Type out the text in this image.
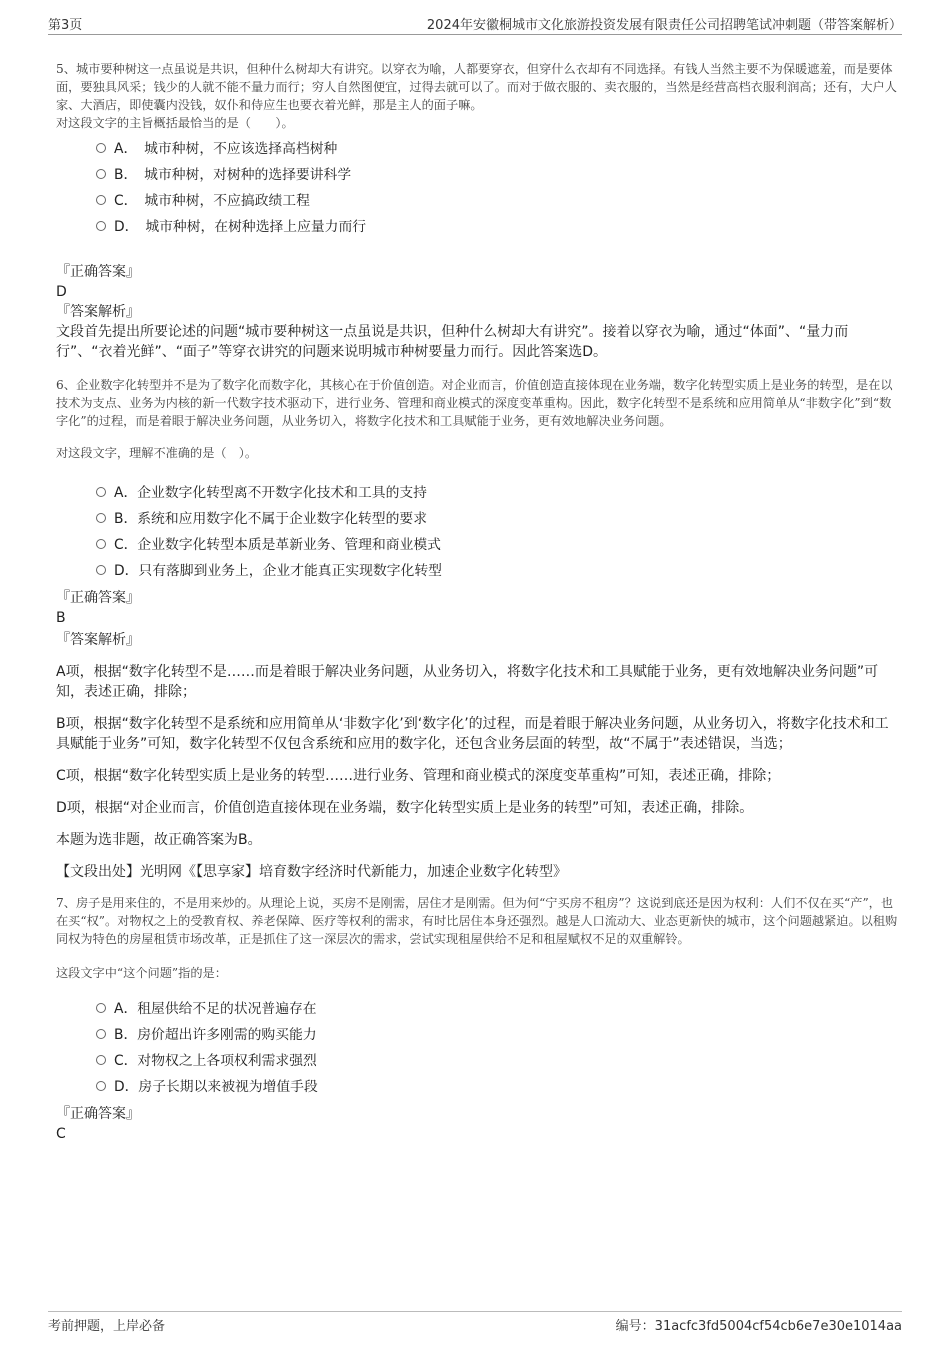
第3页	2024年安徽桐城市文化旅游投资发展有限责任公司招聘笔试冲刺题（带答案解析）

5、城市要种树这一点虽说是共识，但种什么树却大有讲究。以穿衣为喻，人都要穿衣，但穿什么衣却有不同选择。有钱人当然主要不为保暖遮羞，而是要体面，要独具风采；钱少的人就不能不量力而行；穷人自然图便宜，过得去就可以了。而对于做衣服的、卖衣服的，当然是经营高档衣服利润高；还有，大户人家、大酒店，即使囊内没钱，奴仆和侍应生也要衣着光鲜，那是主人的面子嘛。

对这段文字的主旨概括最恰当的是（　　）。

A．　城市种树，不应该选择高档树种
B．　城市种树，对树种的选择要讲科学
C．　城市种树，不应搞政绩工程
D．　城市种树，在树种选择上应量力而行

『正确答案』

D

『答案解析』

文段首先提出所要论述的问题“城市要种树这一点虽说是共识，但种什么树却大有讲究”。接着以穿衣为喻，通过“体面”、“量力而行”、“衣着光鲜”、“面子”等穿衣讲究的问题来说明城市种树要量力而行。因此答案选D。

6、企业数字化转型并不是为了数字化而数字化，其核心在于价值创造。对企业而言，价值创造直接体现在业务端，数字化转型实质上是业务的转型，是在以技术为支点、业务为内核的新一代数字技术驱动下，进行业务、管理和商业模式的深度变革重构。因此，数字化转型不是系统和应用简单从“非数字化”到“数字化”的过程，而是着眼于解决业务问题，从业务切入，将数字化技术和工具赋能于业务，更有效地解决业务问题。

对这段文字，理解不准确的是（　）。

A．企业数字化转型离不开数字化技术和工具的支持
B．系统和应用数字化不属于企业数字化转型的要求
C．企业数字化转型本质是革新业务、管理和商业模式
D．只有落脚到业务上，企业才能真正实现数字化转型

『正确答案』

B

『答案解析』

A项，根据“数字化转型不是……而是着眼于解决业务问题，从业务切入，将数字化技术和工具赋能于业务，更有效地解决业务问题”可知，表述正确，排除；

B项，根据“数字化转型不是系统和应用简单从‘非数字化’到‘数字化’的过程，而是着眼于解决业务问题，从业务切入，将数字化技术和工具赋能于业务”可知，数字化转型不仅包含系统和应用的数字化，还包含业务层面的转型，故“不属于”表述错误，当选；

C项，根据“数字化转型实质上是业务的转型……进行业务、管理和商业模式的深度变革重构”可知，表述正确，排除；

D项，根据“对企业而言，价值创造直接体现在业务端，数字化转型实质上是业务的转型”可知，表述正确，排除。

本题为选非题，故正确答案为B。

【文段出处】光明网《【思享家】培育数字经济时代新能力，加速企业数字化转型》

7、房子是用来住的，不是用来炒的。从理论上说，买房不是刚需，居住才是刚需。但为何“宁买房不租房”？这说到底还是因为权利：人们不仅在买“产”，也在买“权”。对物权之上的受教育权、养老保障、医疗等权利的需求，有时比居住本身还强烈。越是人口流动大、业态更新快的城市，这个问题越紧迫。以租购同权为特色的房屋租赁市场改革，正是抓住了这一深层次的需求，尝试实现租屋供给不足和租屋赋权不足的双重解铃。

这段文字中“这个问题”指的是：

A．租屋供给不足的状况普遍存在
B．房价超出许多刚需的购买能力
C．对物权之上各项权利需求强烈
D．房子长期以来被视为增值手段

『正确答案』

C

考前押题，上岸必备	编号：31acfc3fd5004cf54cb6e7e30e1014aa
